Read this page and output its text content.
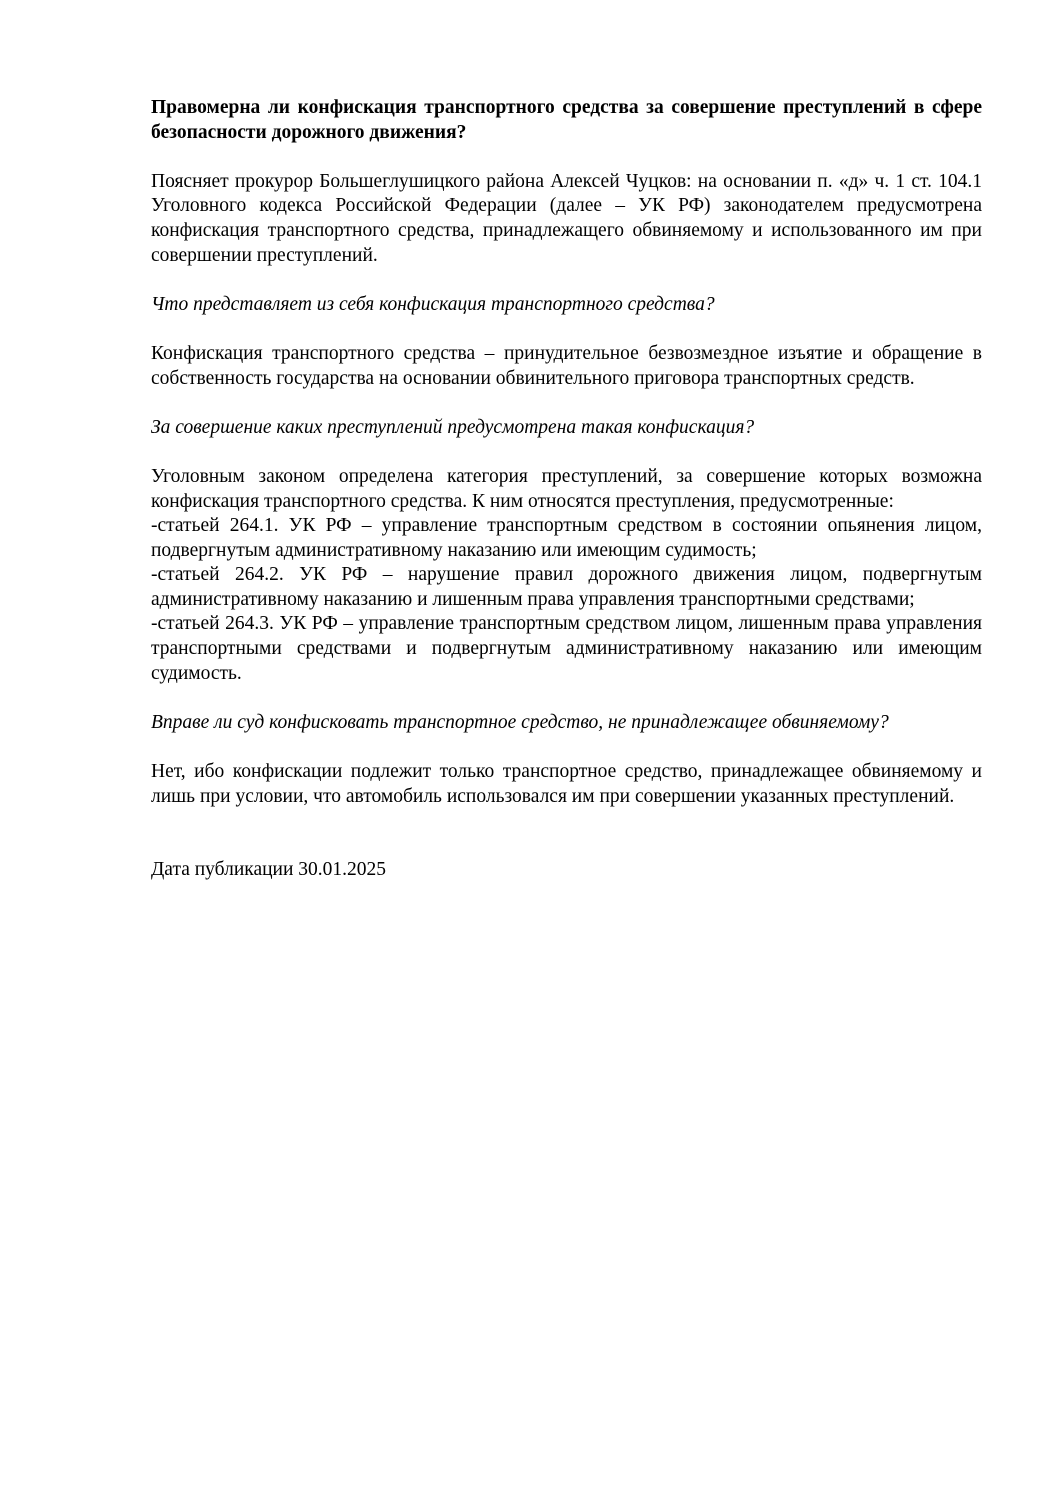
Правомерна ли конфискация транспортного средства за совершение преступлений в сфере безопасности дорожного движения?

Поясняет прокурор Большеглушицкого района Алексей Чуцков: на основании п. «д» ч. 1 ст. 104.1 Уголовного кодекса Российской Федерации (далее – УК РФ) законодателем предусмотрена конфискация транспортного средства, принадлежащего обвиняемому и использованного им при совершении преступлений.

Что представляет из себя конфискация транспортного средства?

Конфискация транспортного средства – принудительное безвозмездное изъятие и обращение в собственность государства на основании обвинительного приговора транспортных средств.

За совершение каких преступлений предусмотрена такая конфискация?

Уголовным законом определена категория преступлений, за совершение которых возможна конфискация транспортного средства. К ним относятся преступления, предусмотренные:

-статьей 264.1. УК РФ – управление транспортным средством в состоянии опьянения лицом, подвергнутым административному наказанию или имеющим судимость;

-статьей 264.2. УК РФ – нарушение правил дорожного движения лицом, подвергнутым административному наказанию и лишенным права управления транспортными средствами;

-статьей 264.3. УК РФ – управление транспортным средством лицом, лишенным права управления транспортными средствами и подвергнутым административному наказанию или имеющим судимость.

Вправе ли суд конфисковать транспортное средство, не принадлежащее обвиняемому?

Нет, ибо конфискации подлежит только транспортное средство, принадлежащее обвиняемому и лишь при условии, что автомобиль использовался им при совершении указанных преступлений.

Дата публикации 30.01.2025
